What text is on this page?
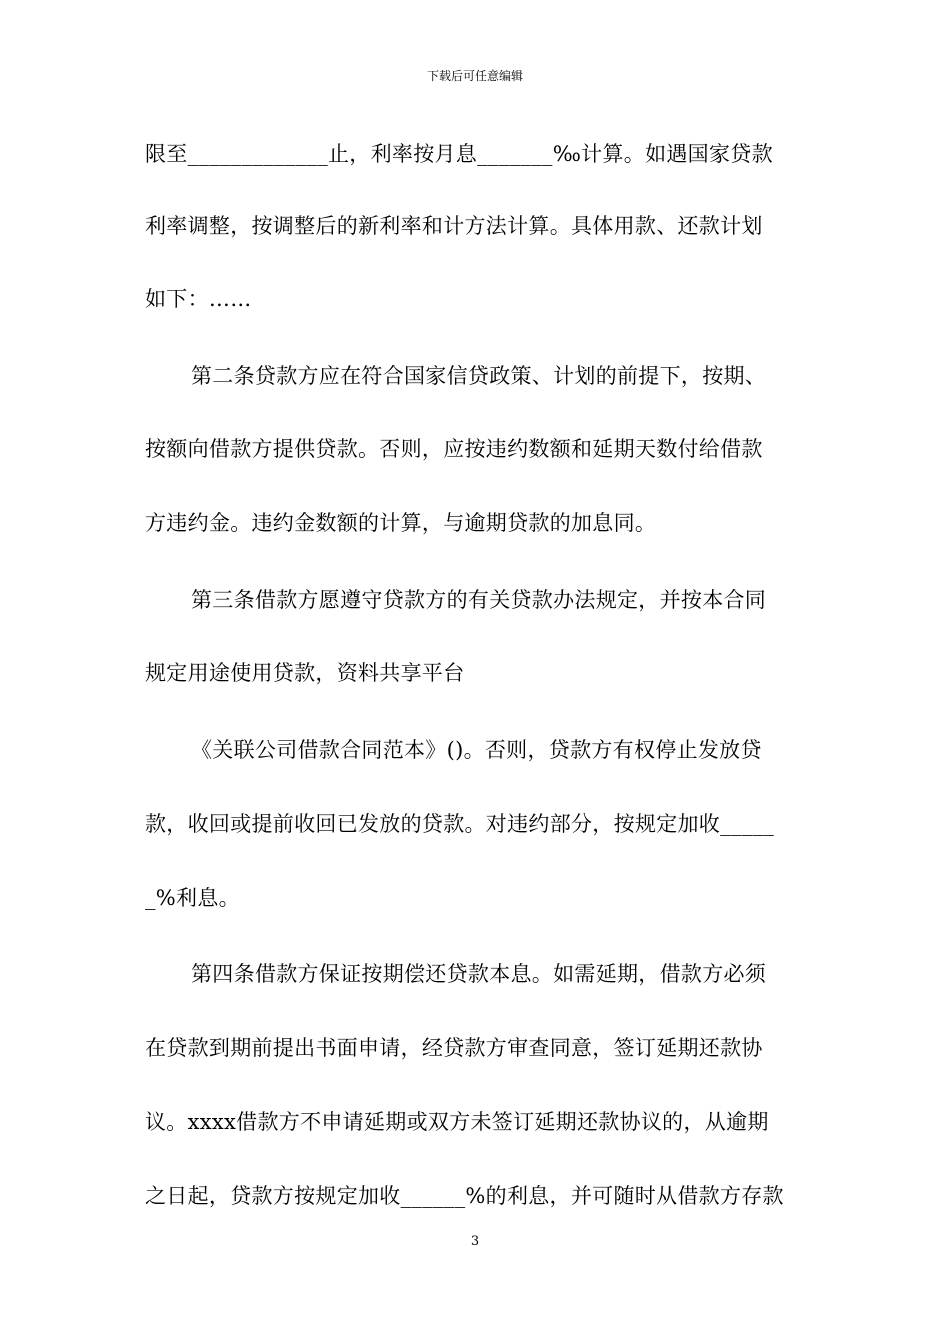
下载后可任意编辑
限至_____________止，利率按月息_______‰计算。如遇国家贷款
利率调整，按调整后的新利率和计方法计算。具体用款、还款计划
如下：……
第二条贷款方应在符合国家信贷政策、计划的前提下，按期、
按额向借款方提供贷款。否则，应按违约数额和延期天数付给借款
方违约金。违约金数额的计算，与逾期贷款的加息同。
第三条借款方愿遵守贷款方的有关贷款办法规定，并按本合同
规定用途使用贷款，资料共享平台
《关联公司借款合同范本》()。否则，贷款方有权停止发放贷
款，收回或提前收回已发放的贷款。对违约部分，按规定加收_____
_%利息。
第四条借款方保证按期偿还贷款本息。如需延期，借款方必须
在贷款到期前提出书面申请，经贷款方审查同意，签订延期还款协
议。xxxx借款方不申请延期或双方未签订延期还款协议的，从逾期
之日起，贷款方按规定加收______%的利息，并可随时从借款方存款
3
